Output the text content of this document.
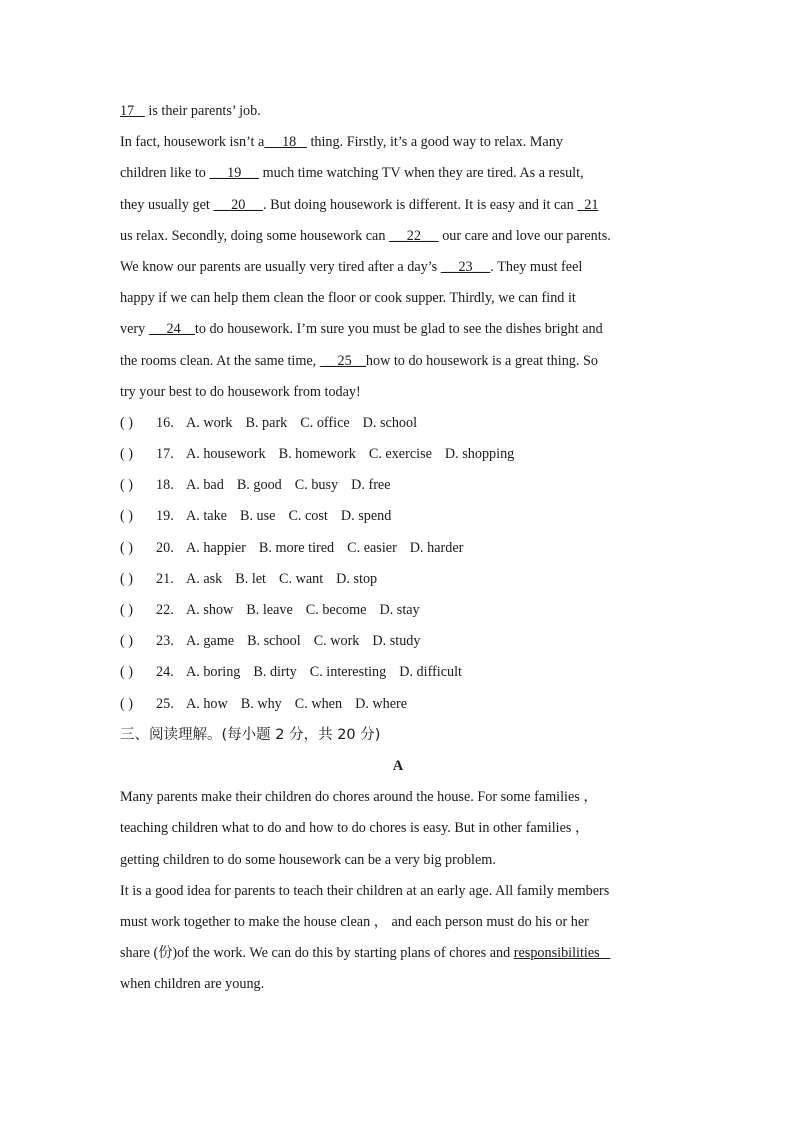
17    is their parents’ job.
In fact, housework isn’t a     18    thing. Firstly, it’s a good way to relax. Many
children like to  __19__  much time watching TV when they are tired. As a result,
they usually get  __20__ . But doing housework is different. It is easy and it can   21
us relax. Secondly, doing some housework can  __22__  our care and love our parents.
We know our parents are usually very tired after a day’s  __23__ . They must feel
happy if we can help them clean the floor or cook supper. Thirdly, we can find it
very  __24__to do housework. I’m sure you must be glad to see the dishes bright and
the rooms clean. At the same time,  __25__how to do housework is a great thing. So
try your best to do housework from today!
( ) 16. A. work B. park C. office D. school
( ) 17. A. housework B. homework C. exercise D. shopping
( ) 18. A. bad B. good C. busy D. free
( ) 19. A. take B. use C. cost D. spend
( ) 20. A. happier B. more tired C. easier D. harder
( ) 21. A. ask B. let C. want D. stop
( ) 22. A. show B. leave C. become D. stay
( ) 23. A. game B. school C. work D. study
( ) 24. A. boring B. dirty C. interesting D. difficult
( ) 25. A. how B. why C. when D. where
三、阅读理解。(每小题 2 分，共 20 分)
A
Many parents make their children do chores around the house. For some families ，
teaching children what to do and how to do chores is easy. But in other families ，
getting children to do some housework can be a very big problem.
It is a good idea for parents to teach their children at an early age. All family members
must work together to make the house clean ， and each person must do his or her
share (份)of the work. We can do this by starting plans of chores and responsibilities
when children are young.
